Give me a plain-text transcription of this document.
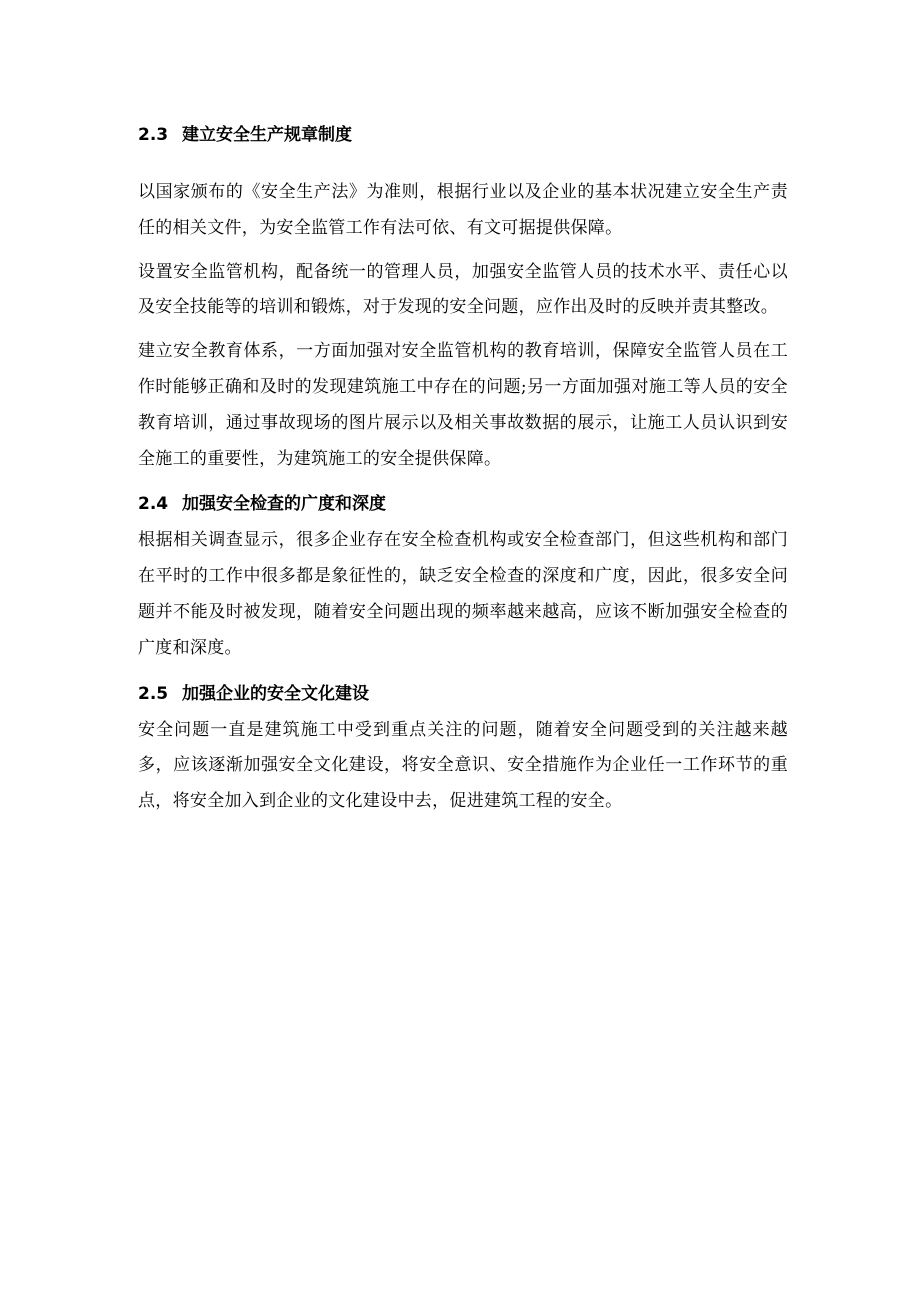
2.3 建立安全生产规章制度

以国家颁布的《安全生产法》为准则，根据行业以及企业的基本状况建立安全生产责任的相关文件，为安全监管工作有法可依、有文可据提供保障。

设置安全监管机构，配备统一的管理人员，加强安全监管人员的技术水平、责任心以及安全技能等的培训和锻炼，对于发现的安全问题，应作出及时的反映并责其整改。

建立安全教育体系，一方面加强对安全监管机构的教育培训，保障安全监管人员在工作时能够正确和及时的发现建筑施工中存在的问题;另一方面加强对施工等人员的安全教育培训，通过事故现场的图片展示以及相关事故数据的展示，让施工人员认识到安全施工的重要性，为建筑施工的安全提供保障。

2.4 加强安全检查的广度和深度

根据相关调查显示，很多企业存在安全检查机构或安全检查部门，但这些机构和部门在平时的工作中很多都是象征性的，缺乏安全检查的深度和广度，因此，很多安全问题并不能及时被发现，随着安全问题出现的频率越来越高，应该不断加强安全检查的广度和深度。

2.5 加强企业的安全文化建设

安全问题一直是建筑施工中受到重点关注的问题，随着安全问题受到的关注越来越多，应该逐渐加强安全文化建设，将安全意识、安全措施作为企业任一工作环节的重点，将安全加入到企业的文化建设中去，促进建筑工程的安全。
